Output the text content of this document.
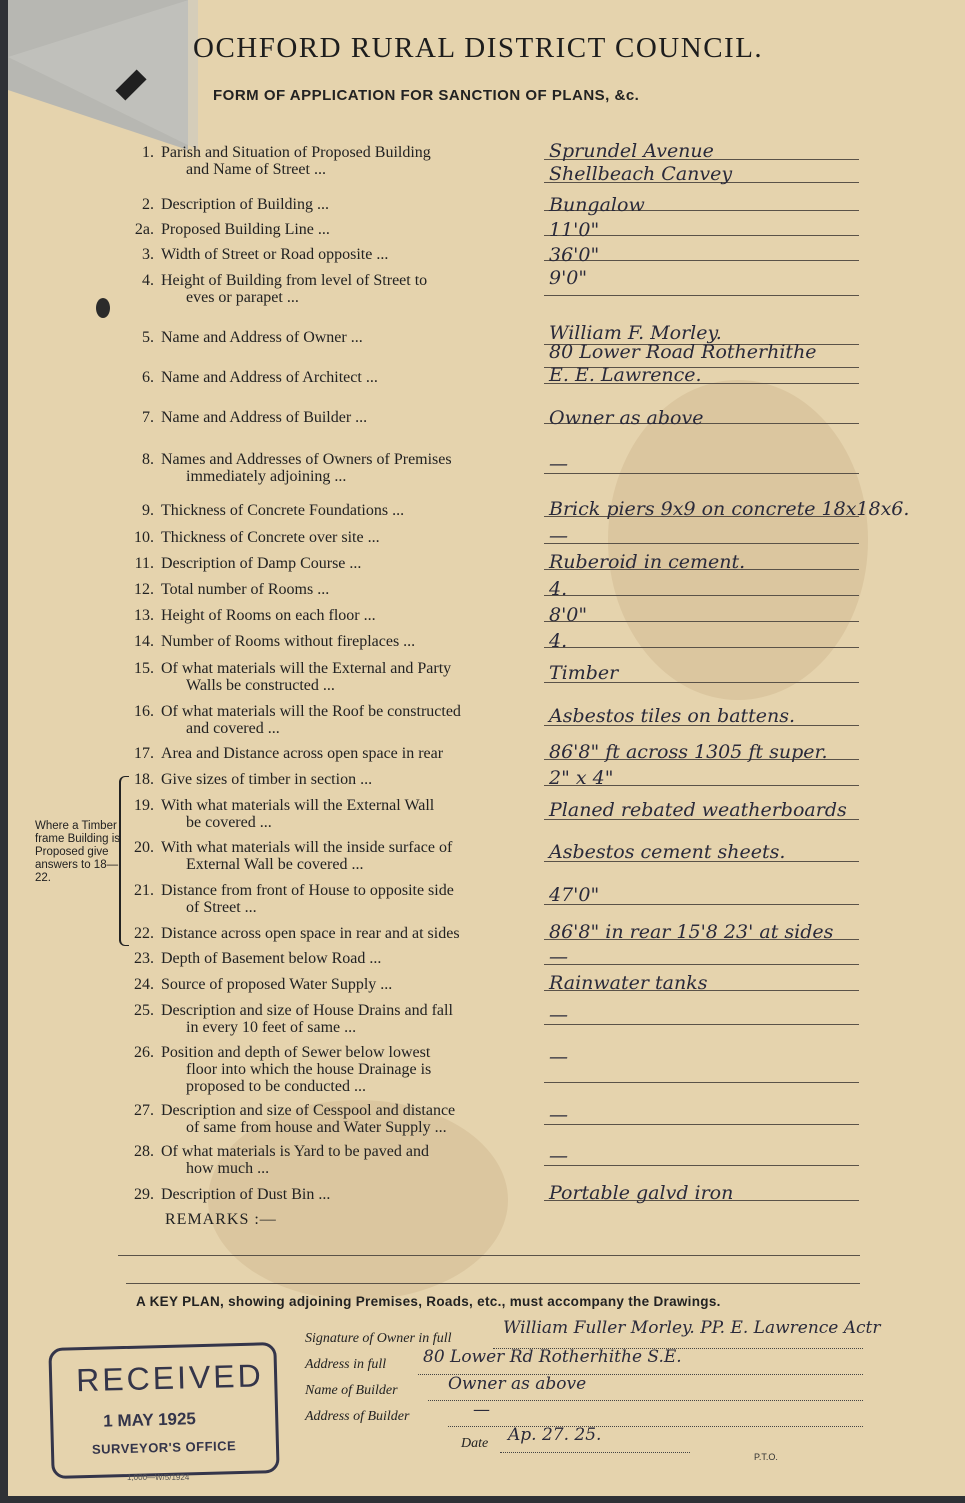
OCHFORD RURAL DISTRICT COUNCIL.
FORM OF APPLICATION FOR SANCTION OF PLANS, &c.
1. Parish and Situation of Proposed Building
and Name of Street ...
Sprundel Avenue
Shellbeach Canvey
2. Description of Building ...	Bungalow
2a. Proposed Building Line ...	11'0"
3. Width of Street or Road opposite ...	36'0"
4. Height of Building from level of Street to
eves or parapet ...
9'0"
5. Name and Address of Owner ...	William F. Morley.
80 Lower Road Rotherhithe
6. Name and Address of Architect ...	E. E. Lawrence.
7. Name and Address of Builder ...	Owner as above
8. Names and Addresses of Owners of Premises
immediately adjoining ...
—
9. Thickness of Concrete Foundations ...	Brick piers 9x9 on concrete 18x18x6.
10. Thickness of Concrete over site ...	—
11. Description of Damp Course ...	Ruberoid in cement.
12. Total number of Rooms ...	4.
13. Height of Rooms on each floor ...	8'0"
14. Number of Rooms without fireplaces ...	4.
15. Of what materials will the External and Party
Walls be constructed ...
Timber
16. Of what materials will the Roof be constructed
and covered ...
Asbestos tiles on battens.
17. Area and Distance across open space in rear	86'8" ft across 1305 ft super.
18. Give sizes of timber in section ...	2" x 4"
19. With what materials will the External Wall
be covered ...
Planed rebated weatherboards
20. With what materials will the inside surface of
External Wall be covered ...
Asbestos cement sheets.
21. Distance from front of House to opposite side
of Street ...
47'0"
22. Distance across open space in rear and at sides	86'8" in rear 15'8 23' at sides
23. Depth of Basement below Road ...	—
24. Source of proposed Water Supply ...	Rainwater tanks
25. Description and size of House Drains and fall
in every 10 feet of same ...
—
26. Position and depth of Sewer below lowest
floor into which the house Drainage is
proposed to be conducted ...
—
27. Description and size of Cesspool and distance
of same from house and Water Supply ...
—
28. Of what materials is Yard to be paved and
how much ...
—
29. Description of Dust Bin ...	Portable galvd iron
Where a Timber frame Building is Proposed give answers to 18—22.
REMARKS :—
A KEY PLAN, showing adjoining Premises, Roads, etc., must accompany the Drawings.
Signature of Owner in full
William Fuller Morley. PP. E. Lawrence Actr
Address in full 80 Lower Rd Rotherhithe S.E.
Name of Builder	Owner as above
Address of Builder	—
Date Ap. 27. 25.
RECEIVED
1 MAY 1925
SURVEYOR'S OFFICE
P.T.O.
1,000—W/5/1924
